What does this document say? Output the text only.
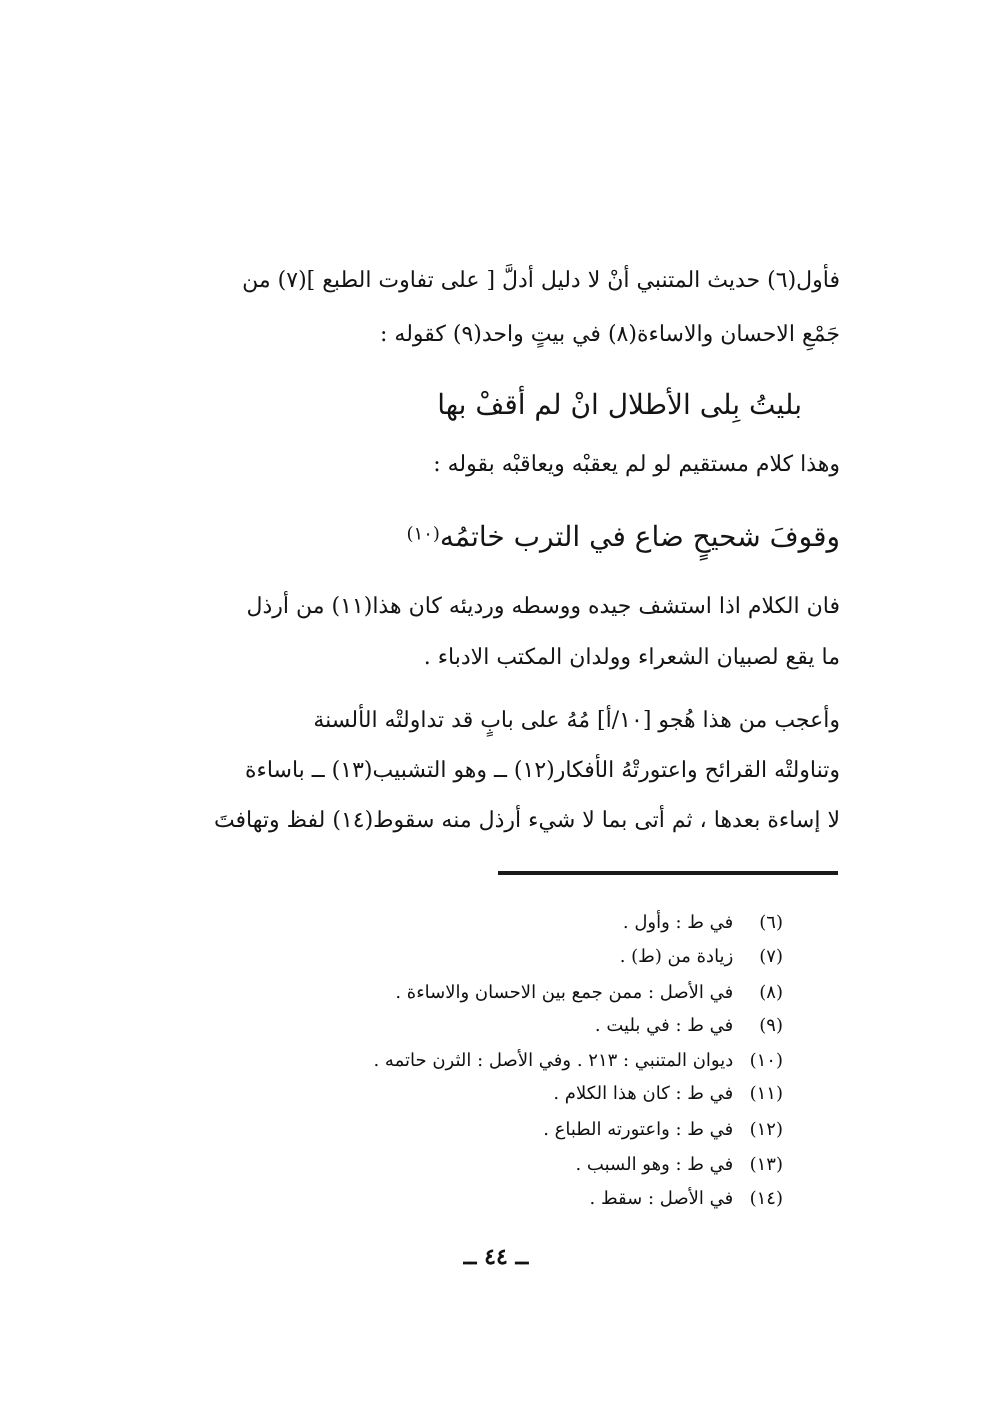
فأول(٦) حديث المتنبي أنْ لا دليل أدلَّ [ على تفاوت الطبع ](٧) من
جَمْعِ الاحسان والاساءة(٨) في بيتٍ واحد(٩) كقوله :
بليتُ بِلى الأطلال انْ لم أقفْ بها
وهذا كلام مستقيم لو لم يعقبْه ويعاقبْه بقوله :
وقوفَ شحيحٍ ضاع في الترب خاتمُه(١٠)
فان الكلام اذا استشف جيده ووسطه ورديئه كان هذا(١١) من أرذل
ما يقع لصبيان الشعراء وولدان المكتب الادباء .
وأعجب من هذا هُجو [١٠/أ] مُهُ على بابٍ قد تداولتْه الألسنة
وتناولتْه القرائح واعتورتْهُ الأفكار(١٢) ــ وهو التشبيب(١٣) ــ باساءة
لا إساءة بعدها ، ثم أتى بما لا شيء أرذل منه سقوط(١٤) لفظ وتهافتَ
(٦) في ط : وأول .
(٧) زيادة من (ط) .
(٨) في الأصل : ممن جمع بين الاحسان والاساءة .
(٩) في ط : في بليت .
(١٠) ديوان المتنبي : ٢١٣ . وفي الأصل : الثرن حاتمه .
(١١) في ط : كان هذا الكلام .
(١٢) في ط : واعتورته الطباع .
(١٣) في ط : وهو السبب .
(١٤) في الأصل : سقط .
ــ ٤٤ ــ
